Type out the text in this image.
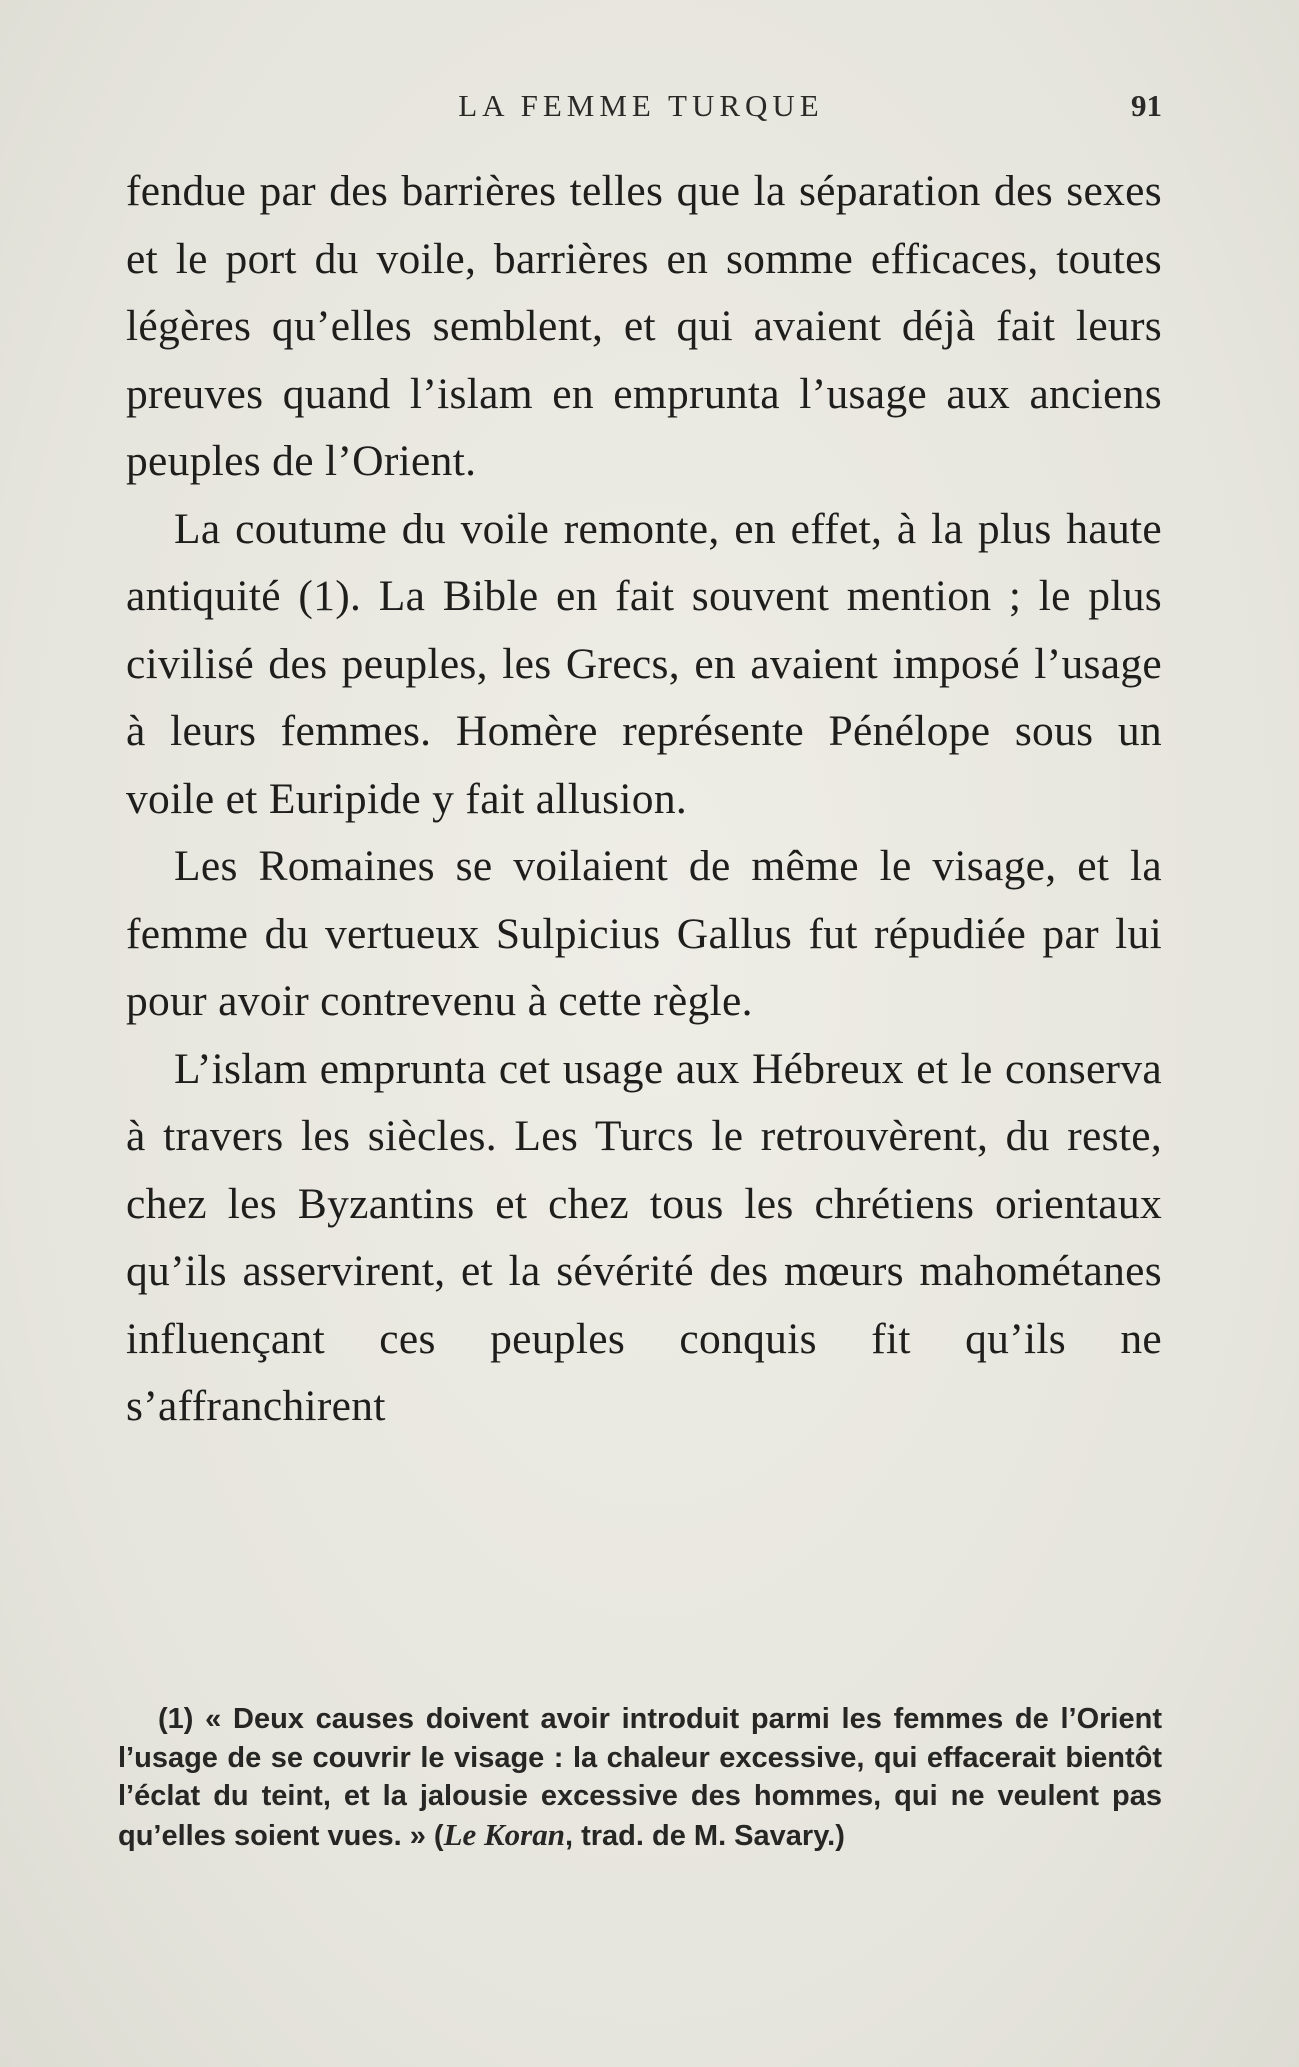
LA FEMME TURQUE	91

fendue par des barrières telles que la séparation des sexes et le port du voile, barrières en somme efficaces, toutes légères qu’elles semblent, et qui avaient déjà fait leurs preuves quand l’islam en emprunta l’usage aux anciens peuples de l’Orient.

La coutume du voile remonte, en effet, à la plus haute antiquité (1). La Bible en fait souvent mention ; le plus civilisé des peuples, les Grecs, en avaient imposé l’usage à leurs femmes. Homère représente Pénélope sous un voile et Euripide y fait allusion.

Les Romaines se voilaient de même le visage, et la femme du vertueux Sulpicius Gallus fut répudiée par lui pour avoir contrevenu à cette règle.

L’islam emprunta cet usage aux Hébreux et le conserva à travers les siècles. Les Turcs le retrouvèrent, du reste, chez les Byzantins et chez tous les chrétiens orientaux qu’ils asservirent, et la sévérité des mœurs mahométanes influençant ces peuples conquis fit qu’ils ne s’affranchirent

(1) « Deux causes doivent avoir introduit parmi les femmes de l’Orient l’usage de se couvrir le visage : la chaleur excessive, qui effacerait bientôt l’éclat du teint, et la jalousie excessive des hommes, qui ne veulent pas qu’elles soient vues. » (Le Koran, trad. de M. Savary.)
